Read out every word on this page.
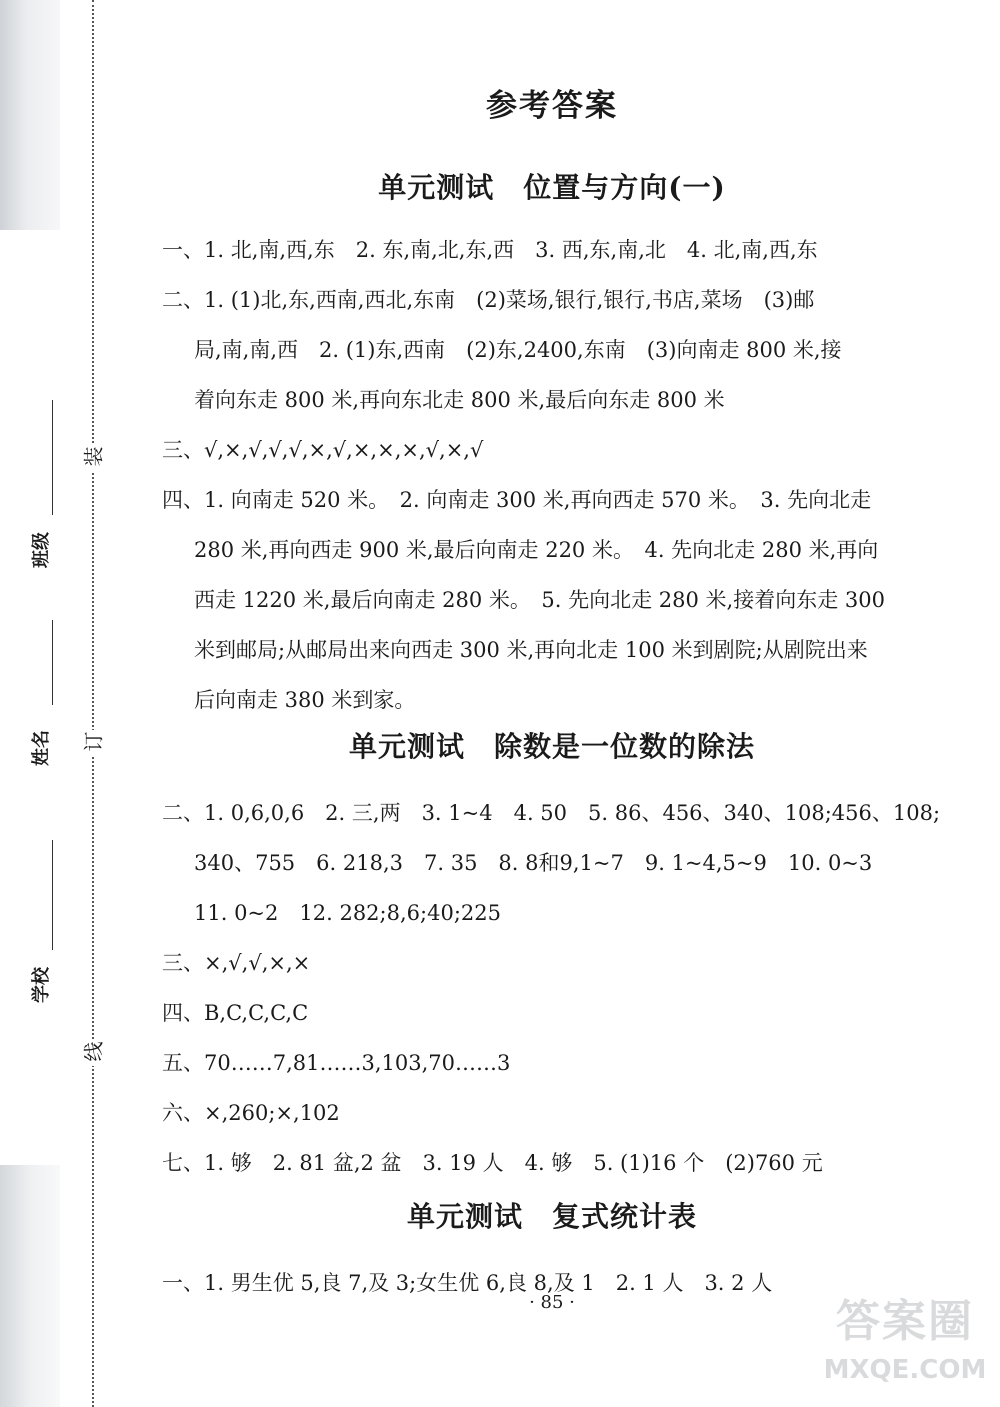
装
订
线
班级
姓名
学校
参考答案
单元测试　位置与方向(一)
一、1. 北,南,西,东　2. 东,南,北,东,西　3. 西,东,南,北　4. 北,南,西,东
二、1. (1)北,东,西南,西北,东南　(2)菜场,银行,银行,书店,菜场　(3)邮
局,南,南,西　2. (1)东,西南　(2)东,2400,东南　(3)向南走 800 米,接
着向东走 800 米,再向东北走 800 米,最后向东走 800 米
三、√,×,√,√,√,×,√,×,×,×,√,×,√
四、1. 向南走 520 米。　2. 向南走 300 米,再向西走 570 米。　3. 先向北走
280 米,再向西走 900 米,最后向南走 220 米。　4. 先向北走 280 米,再向
西走 1220 米,最后向南走 280 米。　5. 先向北走 280 米,接着向东走 300
米到邮局;从邮局出来向西走 300 米,再向北走 100 米到剧院;从剧院出来
后向南走 380 米到家。
单元测试　除数是一位数的除法
二、1. 0,6,0,6　2. 三,两　3. 1~4　4. 50　5. 86、456、340、108;456、108;
340、755　6. 218,3　7. 35　8. 8和9,1~7　9. 1~4,5~9　10. 0~3
11. 0~2　12. 282;8,6;40;225
三、×,√,√,×,×
四、B,C,C,C,C
五、70……7,81……3,103,70……3
六、×,260;×,102
七、1. 够　2. 81 盆,2 盆　3. 19 人　4. 够　5. (1)16 个　(2)760 元
单元测试　复式统计表
一、1. 男生优 5,良 7,及 3;女生优 6,良 8,及 1　2. 1 人　3. 2 人
· 85 ·	答案圈
MXQE.COM
